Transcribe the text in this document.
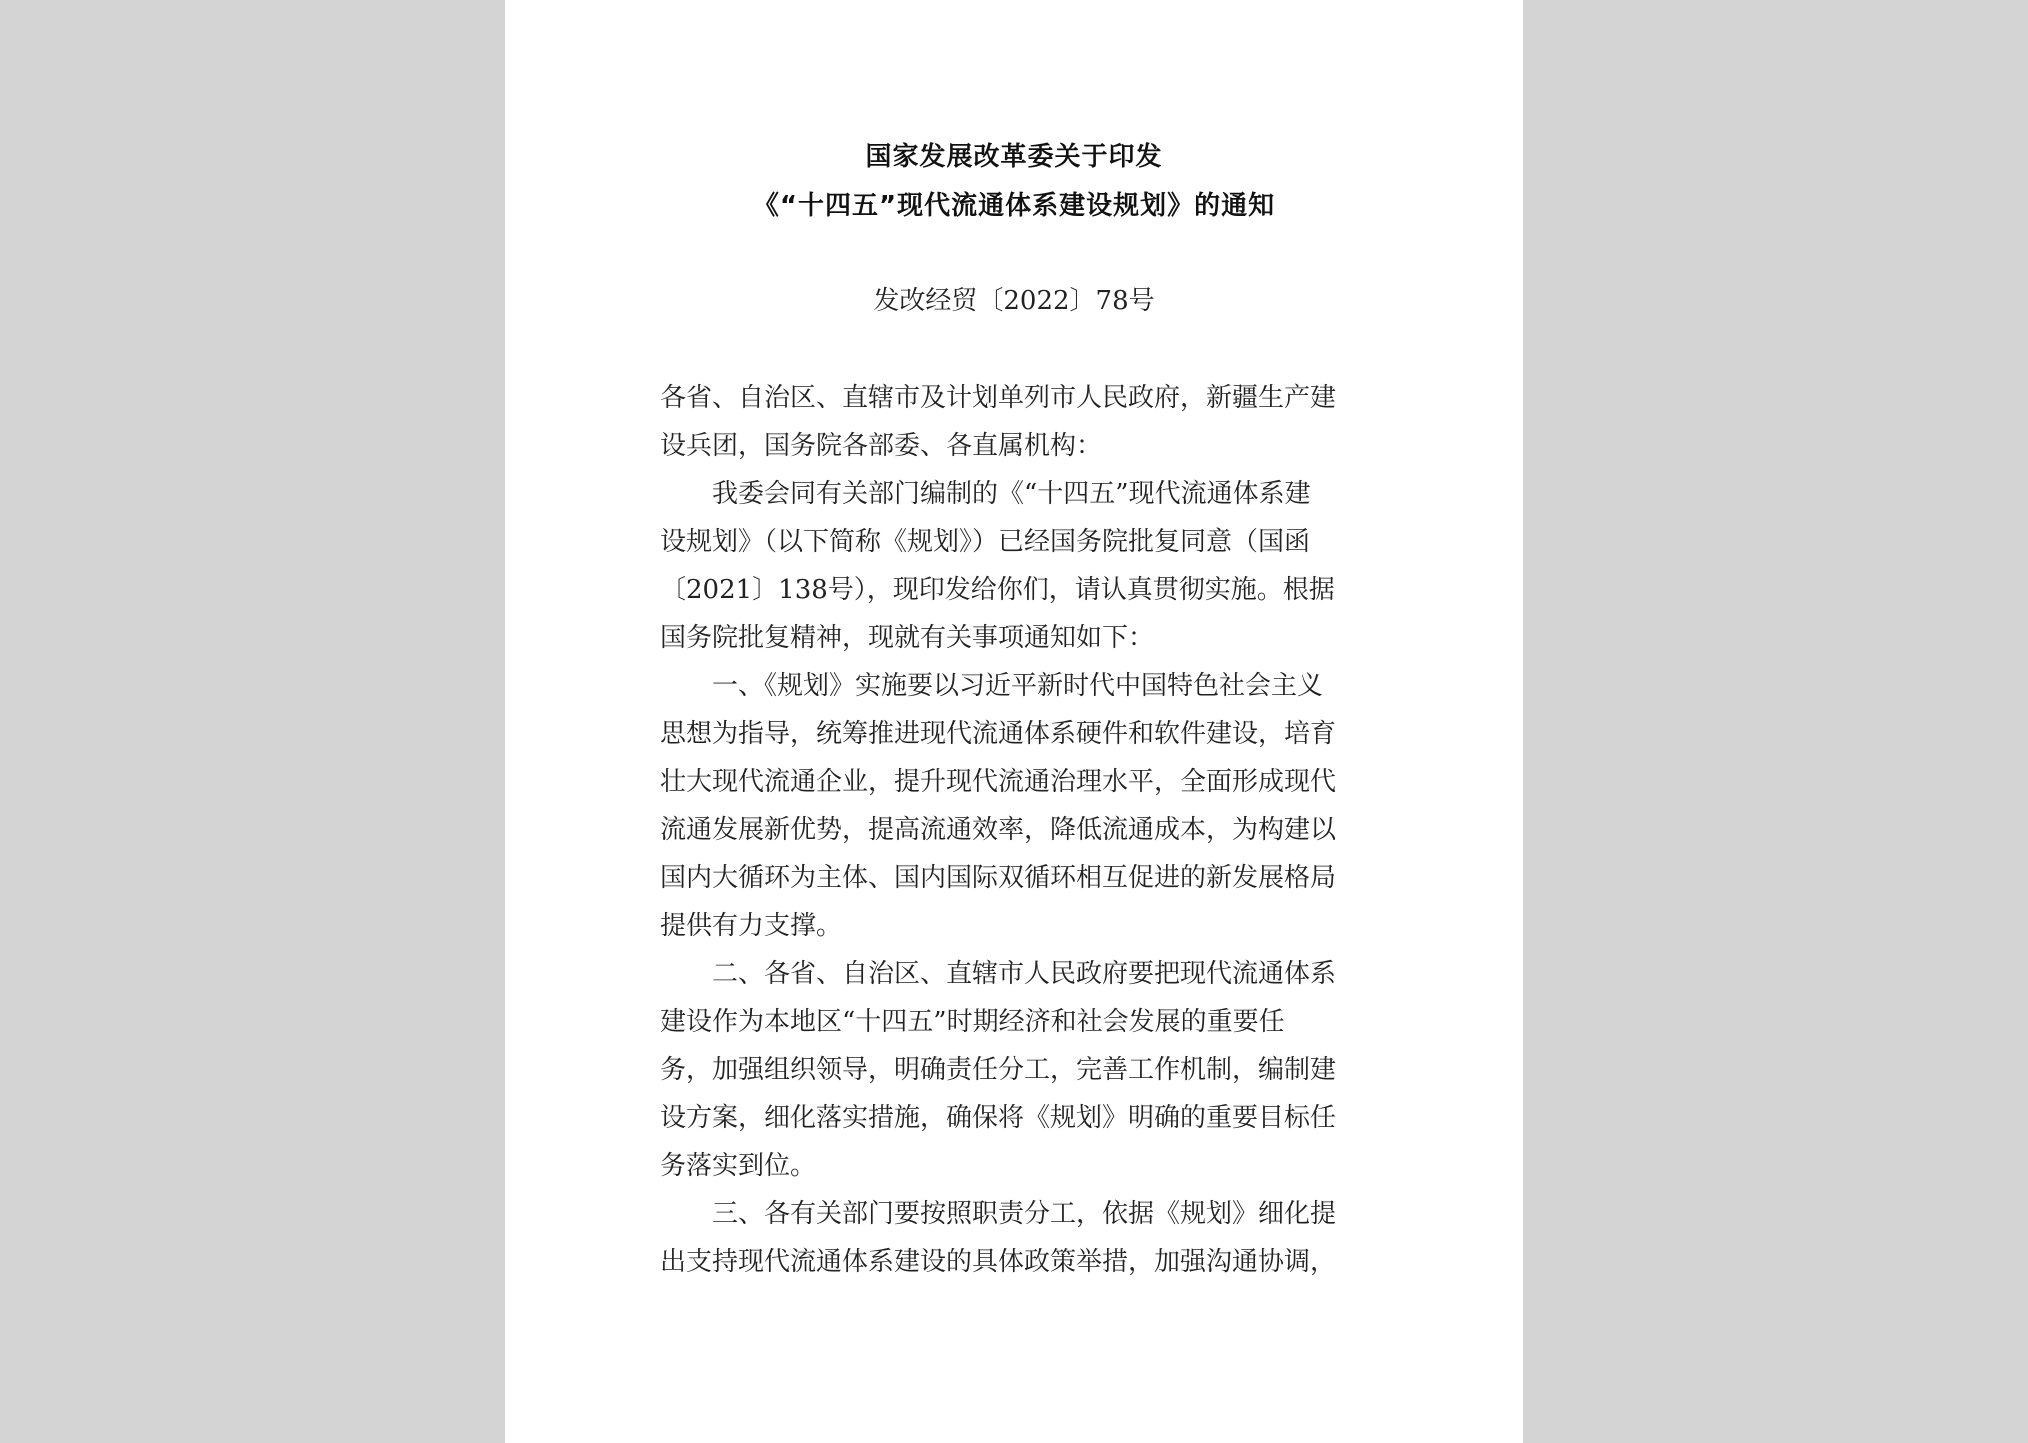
国家发展改革委关于印发
《“十四五”现代流通体系建设规划》的通知
发改经贸〔2022〕78号
各省、自治区、直辖市及计划单列市人民政府，新疆生产建
设兵团，国务院各部委、各直属机构：
我委会同有关部门编制的《“十四五”现代流通体系建
设规划》（以下简称《规划》）已经国务院批复同意（国函
〔2021〕138号），现印发给你们，请认真贯彻实施。根据
国务院批复精神，现就有关事项通知如下：
一、《规划》实施要以习近平新时代中国特色社会主义
思想为指导，统筹推进现代流通体系硬件和软件建设，培育
壮大现代流通企业，提升现代流通治理水平，全面形成现代
流通发展新优势，提高流通效率，降低流通成本，为构建以
国内大循环为主体、国内国际双循环相互促进的新发展格局
提供有力支撑。
二、各省、自治区、直辖市人民政府要把现代流通体系
建设作为本地区“十四五”时期经济和社会发展的重要任
务，加强组织领导，明确责任分工，完善工作机制，编制建
设方案，细化落实措施，确保将《规划》明确的重要目标任
务落实到位。
三、各有关部门要按照职责分工，依据《规划》细化提
出支持现代流通体系建设的具体政策举措，加强沟通协调，
